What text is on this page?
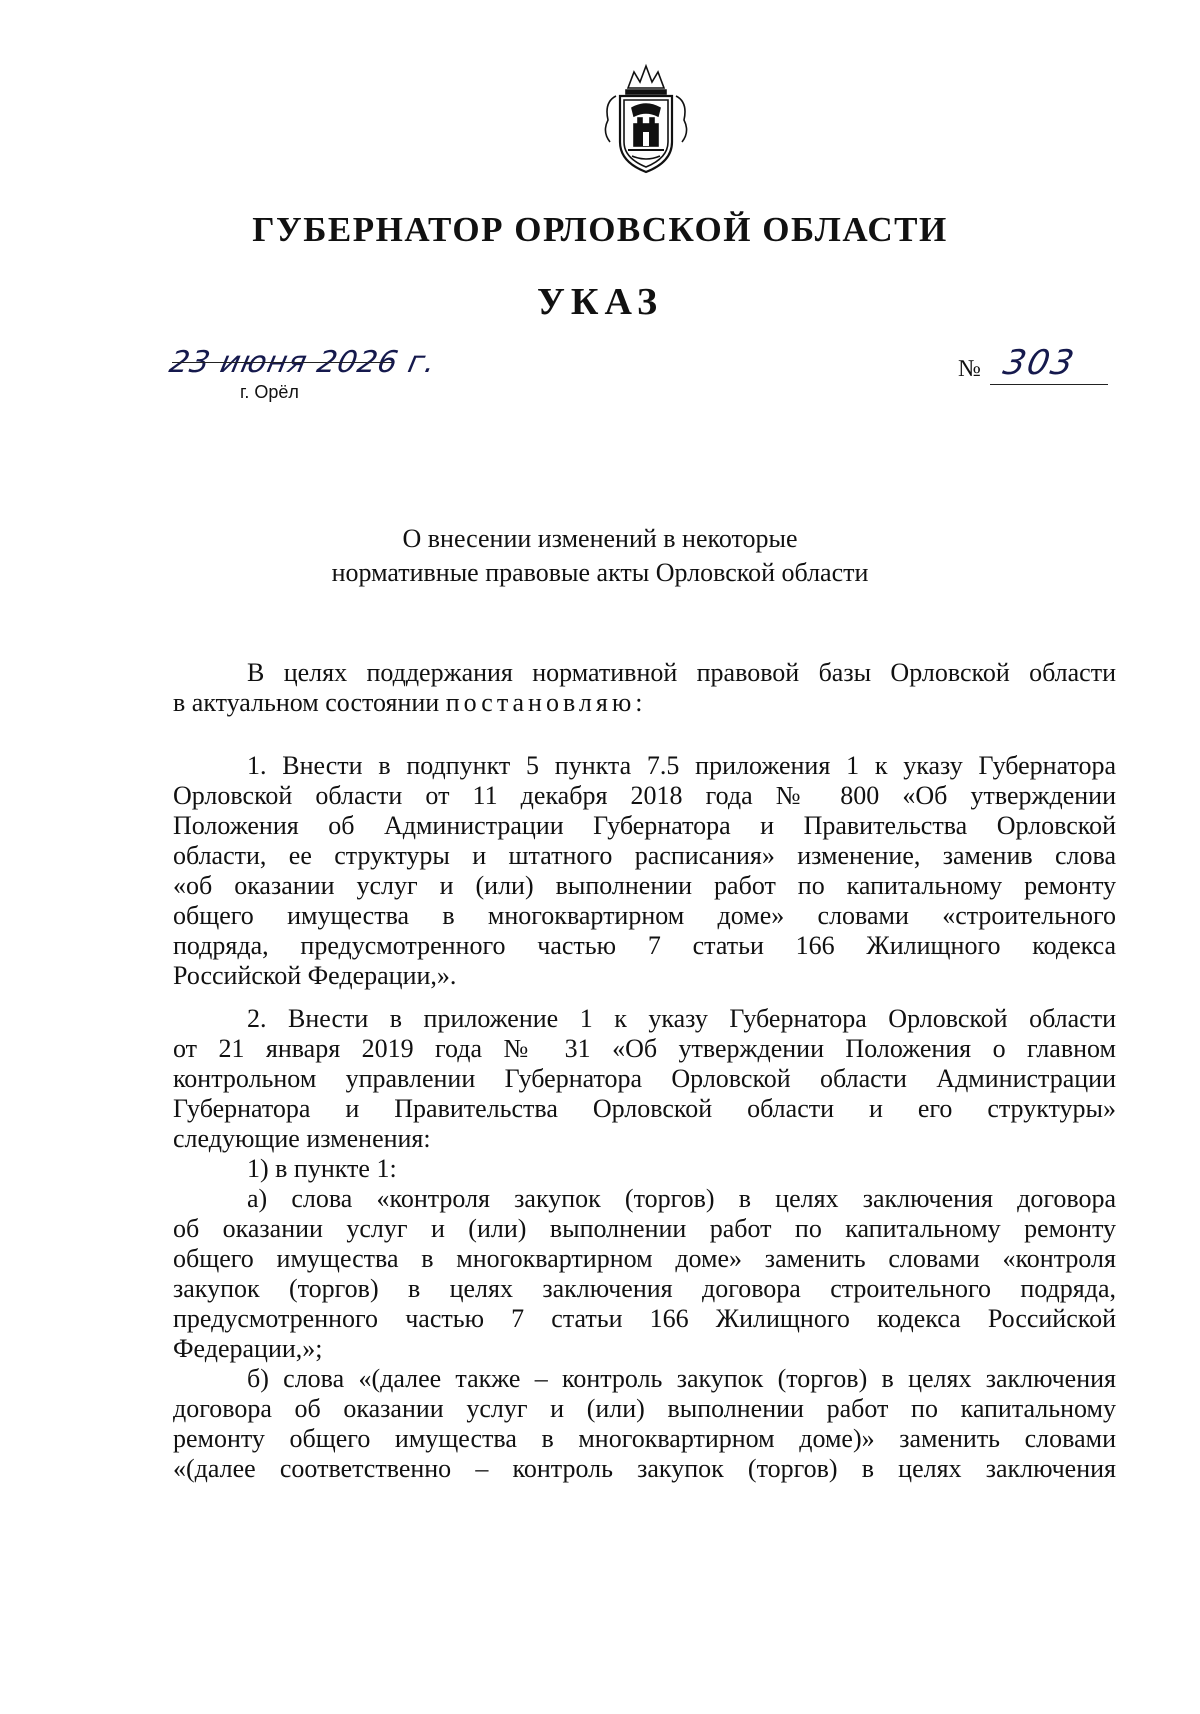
ГУБЕРНАТОР ОРЛОВСКОЙ ОБЛАСТИ
УКАЗ
23 июня 2026 г.
г. Орёл
№ 303
О внесении изменений в некоторые
нормативные правовые акты Орловской области
В целях поддержания нормативной правовой базы Орловской области
в актуальном состоянии постановляю:
1. Внести в подпункт 5 пункта 7.5 приложения 1 к указу Губернатора
Орловской области от 11 декабря 2018 года № 800 «Об утверждении
Положения об Администрации Губернатора и Правительства Орловской
области, ее структуры и штатного расписания» изменение, заменив слова
«об оказании услуг и (или) выполнении работ по капитальному ремонту
общего имущества в многоквартирном доме» словами «строительного
подряда, предусмотренного частью 7 статьи 166 Жилищного кодекса
Российской Федерации,».
2. Внести в приложение 1 к указу Губернатора Орловской области
от 21 января 2019 года № 31 «Об утверждении Положения о главном
контрольном управлении Губернатора Орловской области Администрации
Губернатора и Правительства Орловской области и его структуры»
следующие изменения:
1) в пункте 1:
а) слова «контроля закупок (торгов) в целях заключения договора
об оказании услуг и (или) выполнении работ по капитальному ремонту
общего имущества в многоквартирном доме» заменить словами «контроля
закупок (торгов) в целях заключения договора строительного подряда,
предусмотренного частью 7 статьи 166 Жилищного кодекса Российской
Федерации,»;
б) слова «(далее также – контроль закупок (торгов) в целях заключения
договора об оказании услуг и (или) выполнении работ по капитальному
ремонту общего имущества в многоквартирном доме)» заменить словами
«(далее соответственно – контроль закупок (торгов) в целях заключения
